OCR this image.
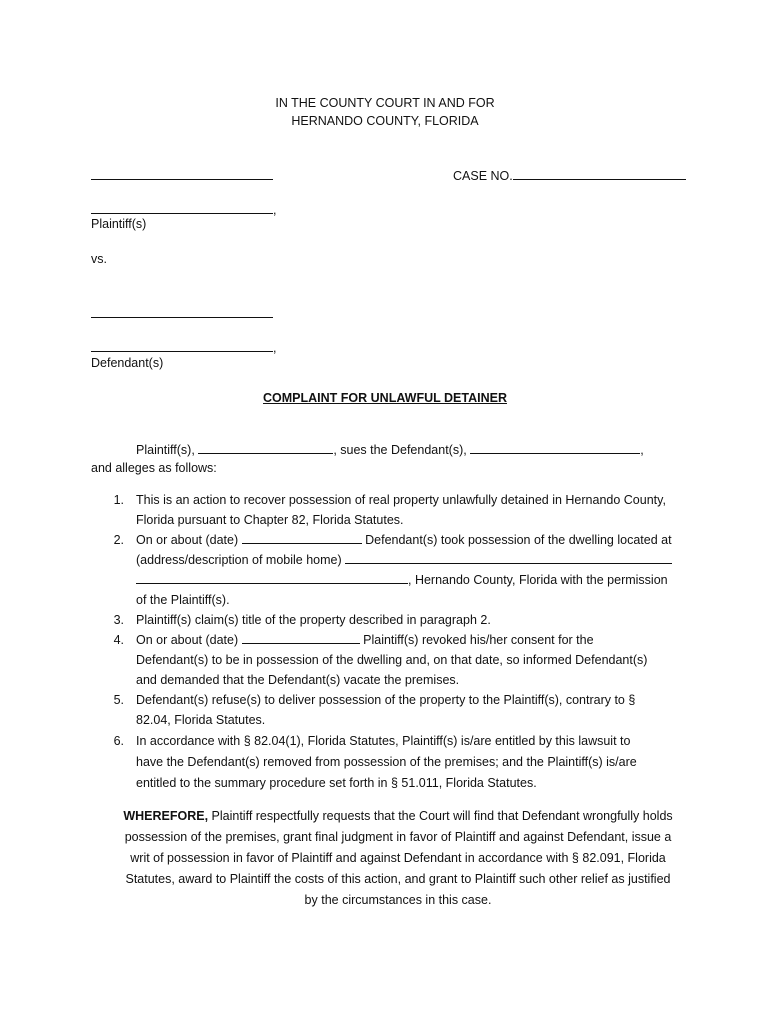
IN THE COUNTY COURT IN AND FOR
HERNANDO COUNTY, FLORIDA
CASE NO.
,
Plaintiff(s)
vs.
,
Defendant(s)
COMPLAINT FOR UNLAWFUL DETAINER
Plaintiff(s),	, sues the Defendant(s),	,
and alleges as follows:
1. This is an action to recover possession of real property unlawfully detained in Hernando County,
Florida pursuant to Chapter 82, Florida Statutes.
2. On or about (date)	Defendant(s) took possession of the dwelling located at
(address/description of mobile home)
, Hernando County, Florida with the permission
of the Plaintiff(s).
3. Plaintiff(s) claim(s) title of the property described in paragraph 2.
4. On or about (date)	Plaintiff(s) revoked his/her consent for the
Defendant(s) to be in possession of the dwelling and, on that date, so informed Defendant(s)
and demanded that the Defendant(s) vacate the premises.
5. Defendant(s) refuse(s) to deliver possession of the property to the Plaintiff(s), contrary to §
82.04, Florida Statutes.
6. In accordance with § 82.04(1), Florida Statutes, Plaintiff(s) is/are entitled by this lawsuit to
have the Defendant(s) removed from possession of the premises; and the Plaintiff(s) is/are
entitled to the summary procedure set forth in § 51.011, Florida Statutes.
WHEREFORE, Plaintiff respectfully requests that the Court will find that Defendant wrongfully holds possession of the premises, grant final judgment in favor of Plaintiff and against Defendant, issue a writ of possession in favor of Plaintiff and against Defendant in accordance with § 82.091, Florida Statutes, award to Plaintiff the costs of this action, and grant to Plaintiff such other relief as justified by the circumstances in this case.
